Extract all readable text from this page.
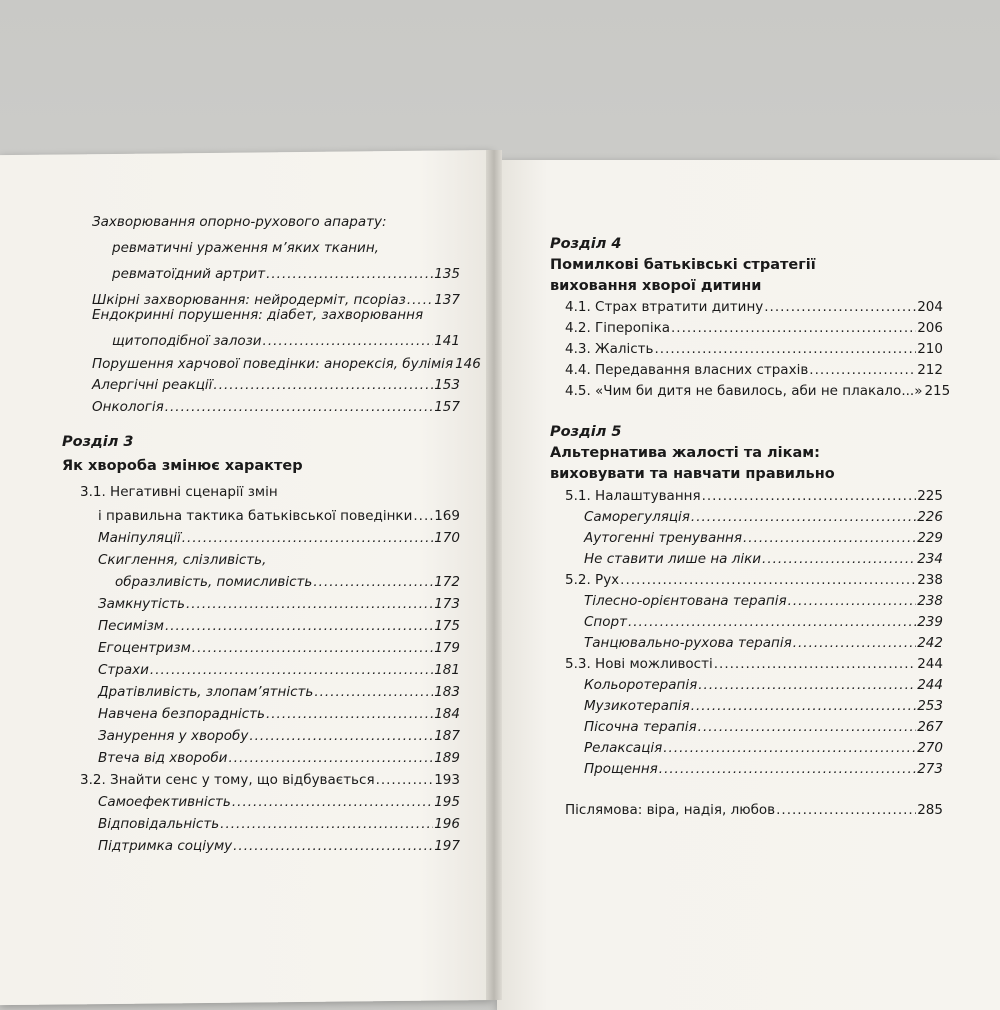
Захворювання опорно-рухового апарату:
ревматичні ураження м’яких тканин,
ревматоїдний артрит .....	135
Шкірні захворювання: нейродерміт, псоріаз ..... 137
Ендокринні порушення: діабет, захворювання
щитоподібної залози .....	141
Порушення харчової поведінки: анорексія, булімія 146
Алергічні реакції .....	153
Онкологія .....	157
Розділ 3
Як хвороба змінює характер
3.1. Негативні сценарії змін
і правильна тактика батьківської поведінки ..... 169
Маніпуляції .....	170
Скиглення, слізливість,
образливість, помисливість .....	172
Замкнутість .....	173
Песимізм .....	175
Егоцентризм .....	179
Страхи .....	181
Дратівливість, злопам’ятність .....	183
Навчена безпорадність .....	184
Занурення у хворобу .....	187
Втеча від хвороби .....	189
3.2. Знайти сенс у тому, що відбувається .....	193
Самоефективність .....	195
Відповідальність .....	196
Підтримка соціуму .....	197
Розділ 4
Помилкові батьківські стратегії
виховання хворої дитини
4.1. Страх втратити дитину .....	204
4.2. Гіперопіка .....	206
4.3. Жалість .....	210
4.4. Передавання власних страхів .....	212
4.5. «Чим би дитя не бавилось, аби не плакало...» 215
Розділ 5
Альтернатива жалості та лікам:
виховувати та навчати правильно
5.1. Налаштування .....	225
Саморегуляція .....	226
Аутогенні тренування .....	229
Не ставити лише на ліки .....	234
5.2. Рух .....	238
Тілесно-орієнтована терапія .....	238
Спорт .....	239
Танцювально-рухова терапія .....	242
5.3. Нові можливості .....	244
Кольоротерапія .....	244
Музикотерапія .....	253
Пісочна терапія .....	267
Релаксація .....	270
Прощення .....	273
Післямова: віра, надія, любов .....	285
